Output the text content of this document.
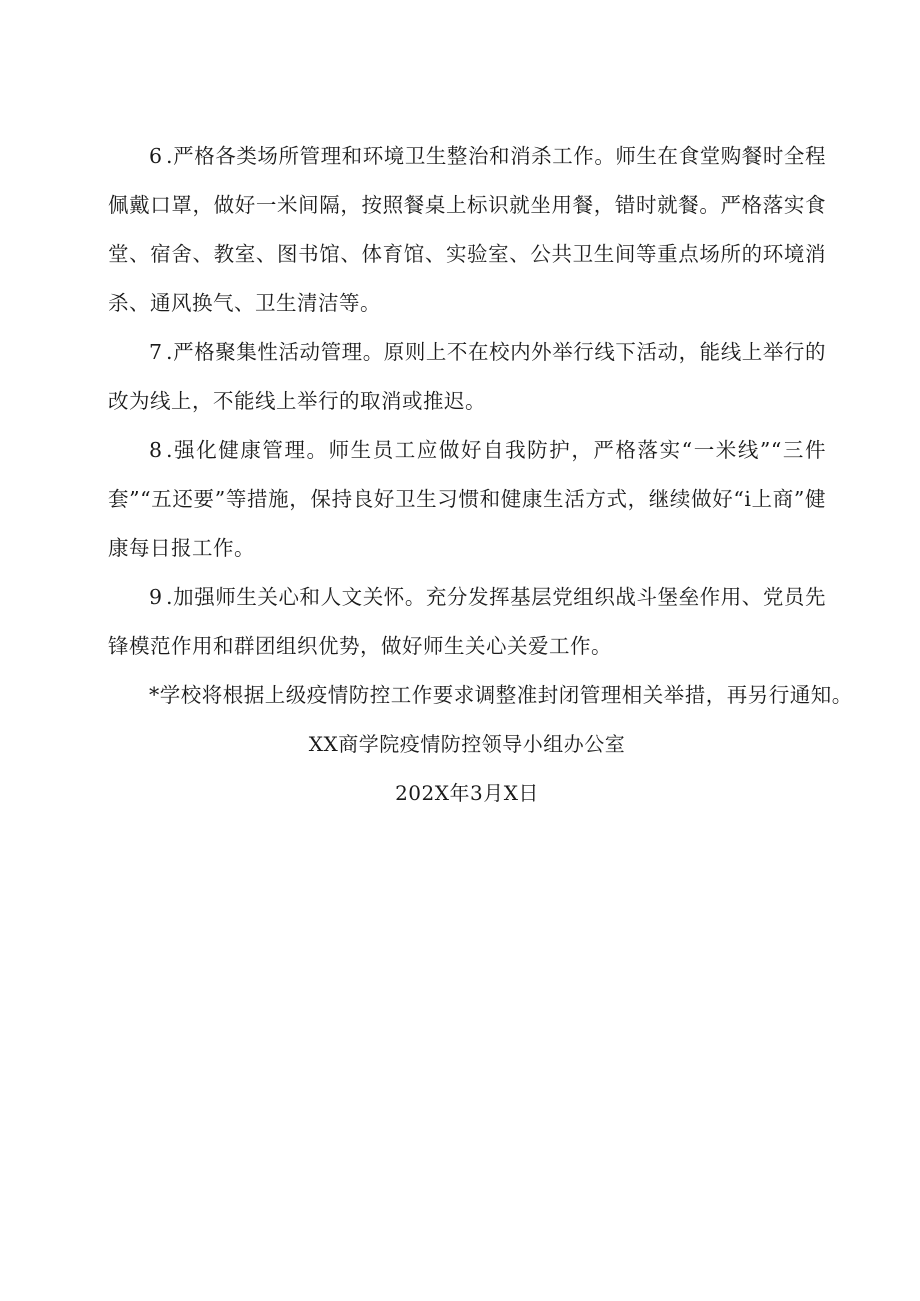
6.严格各类场所管理和环境卫生整治和消杀工作。师生在食堂购餐时全程佩戴口罩，做好一米间隔，按照餐桌上标识就坐用餐，错时就餐。严格落实食堂、宿舍、教室、图书馆、体育馆、实验室、公共卫生间等重点场所的环境消杀、通风换气、卫生清洁等。

7.严格聚集性活动管理。原则上不在校内外举行线下活动，能线上举行的改为线上，不能线上举行的取消或推迟。

8.强化健康管理。师生员工应做好自我防护，严格落实“一米线”“三件套”“五还要”等措施，保持良好卫生习惯和健康生活方式，继续做好“i上商”健康每日报工作。

9.加强师生关心和人文关怀。充分发挥基层党组织战斗堡垒作用、党员先锋模范作用和群团组织优势，做好师生关心关爱工作。

*学校将根据上级疫情防控工作要求调整准封闭管理相关举措，再另行通知。

XX商学院疫情防控领导小组办公室

202X年3月X日
